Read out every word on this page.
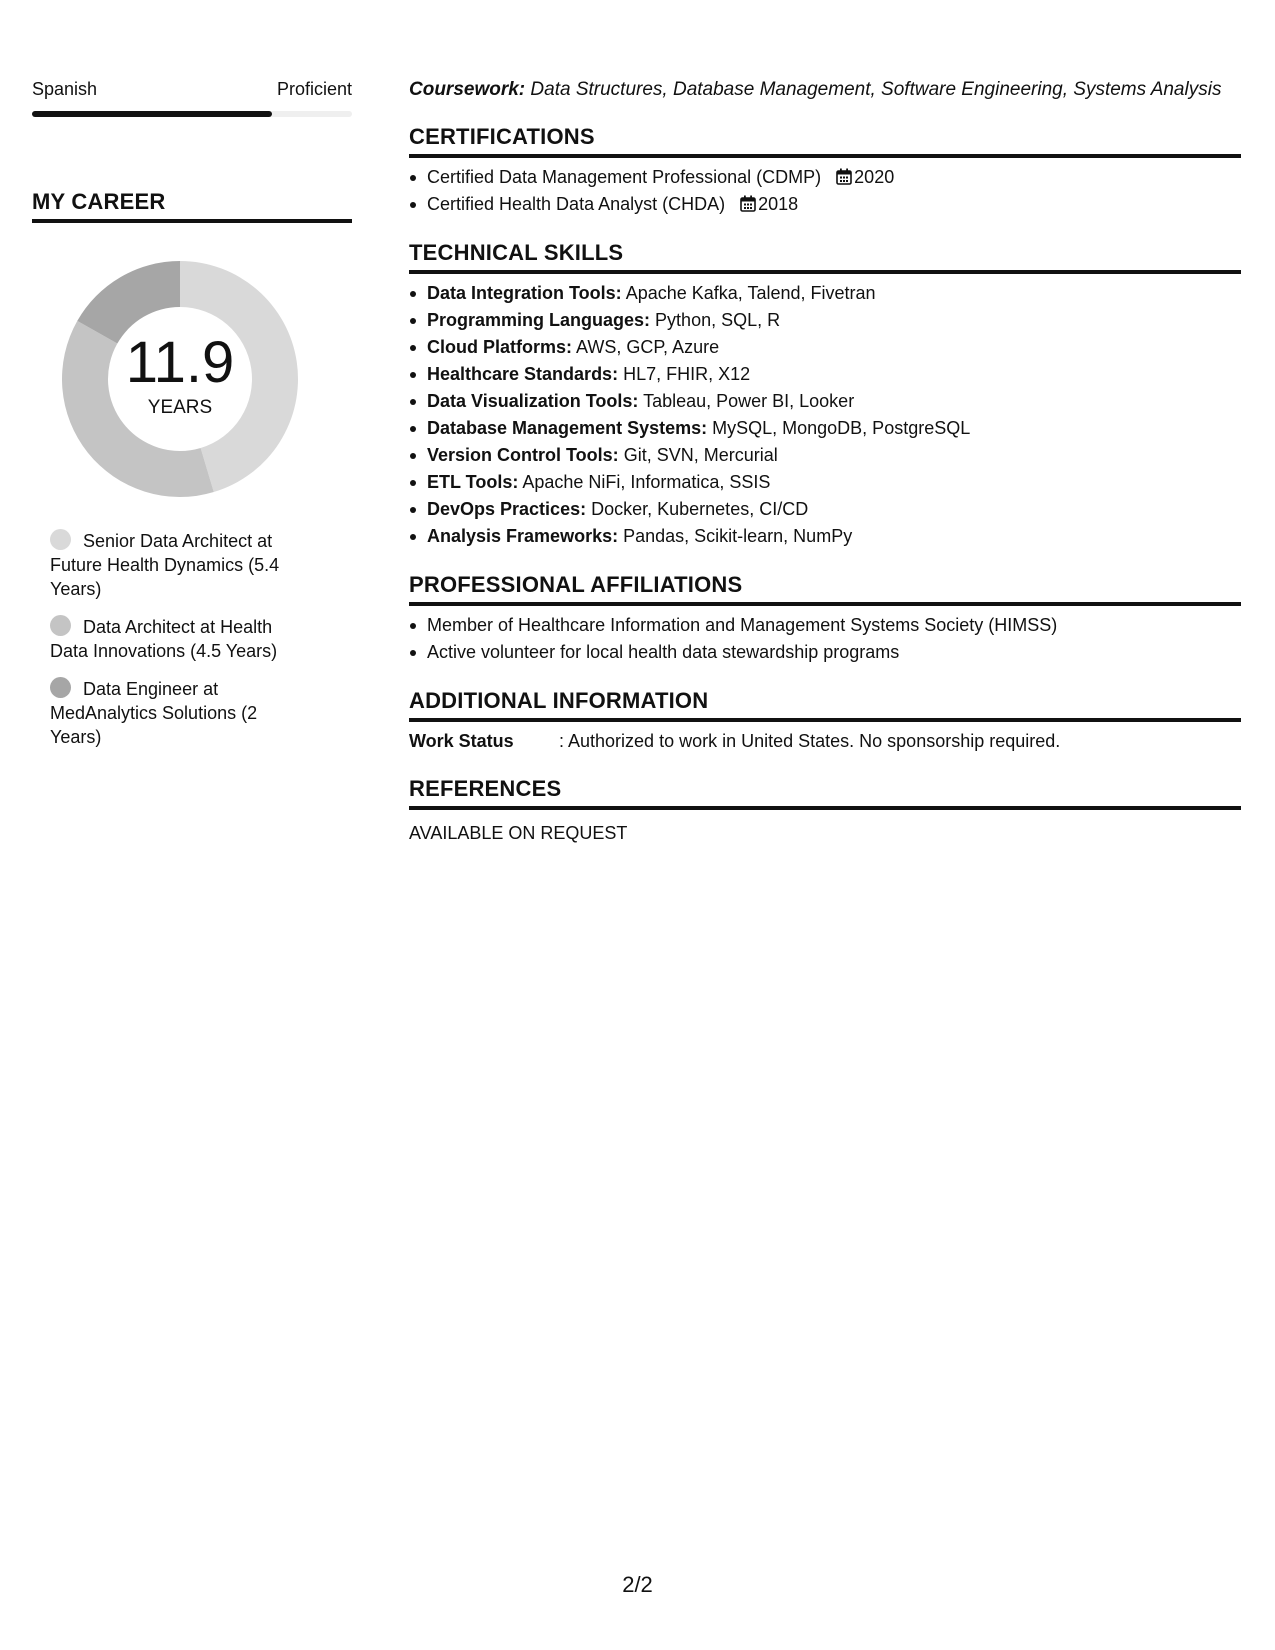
Spanish	Proficient
MY CAREER
11.9
YEARS
Senior Data Architect at Future Health Dynamics (5.4 Years)
Data Architect at Health Data Innovations (4.5 Years)
Data Engineer at MedAnalytics Solutions (2 Years)
Coursework: Data Structures, Database Management, Software Engineering, Systems Analysis
CERTIFICATIONS
Certified Data Management Professional (CDMP) 2020
Certified Health Data Analyst (CHDA) 2018
TECHNICAL SKILLS
Data Integration Tools: Apache Kafka, Talend, Fivetran
Programming Languages: Python, SQL, R
Cloud Platforms: AWS, GCP, Azure
Healthcare Standards: HL7, FHIR, X12
Data Visualization Tools: Tableau, Power BI, Looker
Database Management Systems: MySQL, MongoDB, PostgreSQL
Version Control Tools: Git, SVN, Mercurial
ETL Tools: Apache NiFi, Informatica, SSIS
DevOps Practices: Docker, Kubernetes, CI/CD
Analysis Frameworks: Pandas, Scikit-learn, NumPy
PROFESSIONAL AFFILIATIONS
Member of Healthcare Information and Management Systems Society (HIMSS)
Active volunteer for local health data stewardship programs
ADDITIONAL INFORMATION
Work Status	: Authorized to work in United States. No sponsorship required.
REFERENCES
AVAILABLE ON REQUEST
2/2
